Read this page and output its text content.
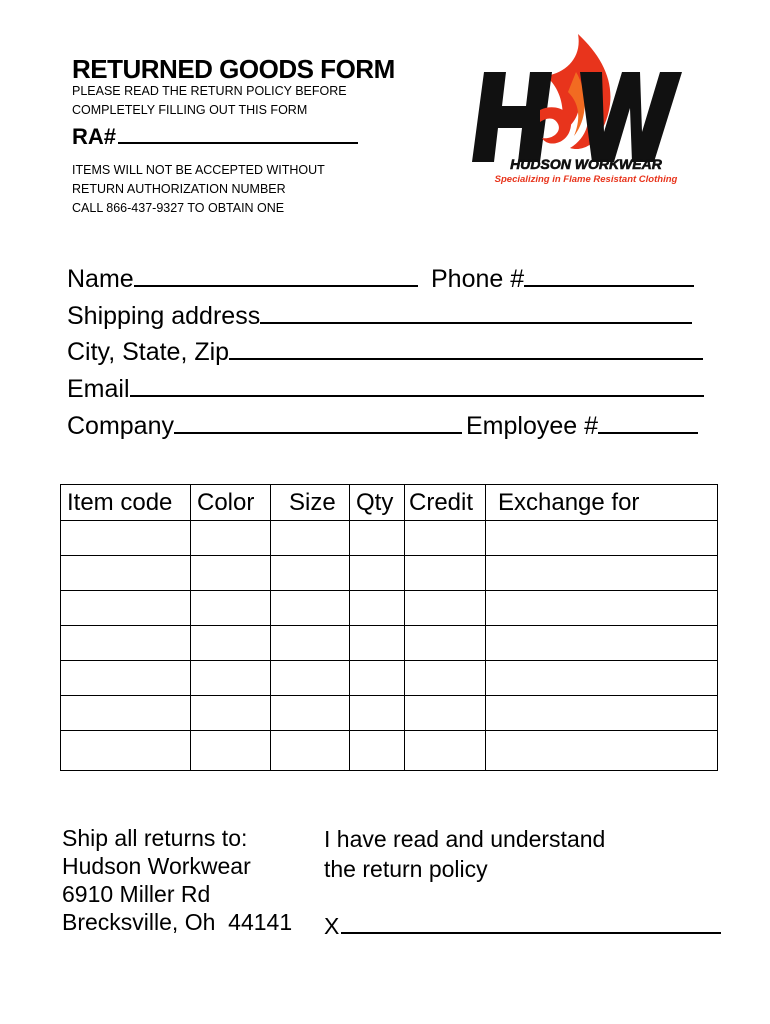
RETURNED GOODS FORM
PLEASE READ THE RETURN POLICY BEFORE
COMPLETELY FILLING OUT THIS FORM
RA#
ITEMS WILL NOT BE ACCEPTED WITHOUT
RETURN AUTHORIZATION NUMBER
CALL 866-437-9327 TO OBTAIN ONE
HUDSON WORKWEAR
Specializing in Flame Resistant Clothing
Name	Phone #
Shipping address
City, State, Zip
Email
Company	Employee #
Item code	Color	Size	Qty	Credit	Exchange for

Ship all returns to:
Hudson Workwear
6910 Miller Rd
Brecksville, Oh  44141
I have read and understand
the return policy
X
